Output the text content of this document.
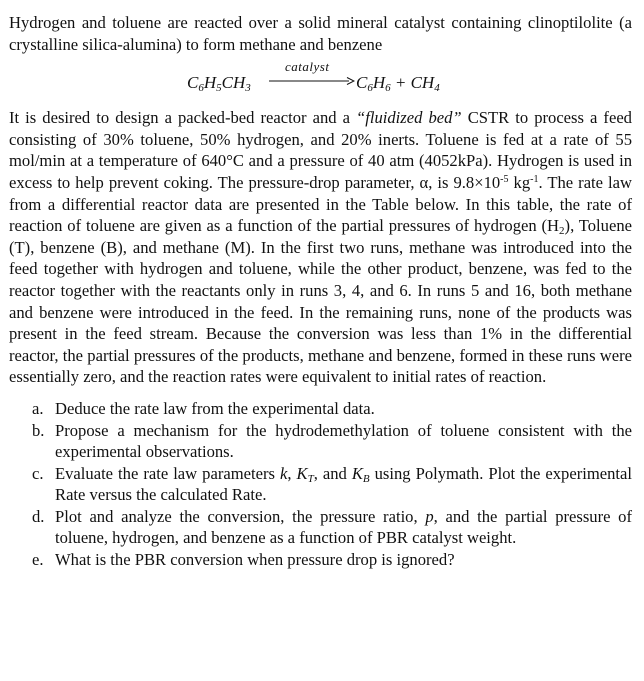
Hydrogen and toluene are reacted over a solid mineral catalyst containing clinoptilolite (a crystalline silica-alumina) to form methane and benzene

$C_6H_5CH_3$
catalyst
$C_6H_6 + CH_4$

It is desired to design a packed-bed reactor and a “fluidized bed” CSTR to process a feed consisting of 30% toluene, 50% hydrogen, and 20% inerts. Toluene is fed at a rate of 55 mol/min at a temperature of 640°C and a pressure of 40 atm (4052kPa). Hydrogen is used in excess to help prevent coking. The pressure-drop parameter, α, is $9.8\times 10^{-5}$ $kg^{-1}$. The rate law from a differential reactor data are presented in the Table below. In this table, the rate of reaction of toluene are given as a function of the partial pressures of hydrogen $(H_2)$, Toluene (T), benzene (B), and methane (M). In the first two runs, methane was introduced into the feed together with hydrogen and toluene, while the other product, benzene, was fed to the reactor together with the reactants only in runs 3, 4, and 6. In runs 5 and 16, both methane and benzene were introduced in the feed. In the remaining runs, none of the products was present in the feed stream. Because the conversion was less than 1% in the differential reactor, the partial pressures of the products, methane and benzene, formed in these runs were essentially zero, and the reaction rates were equivalent to initial rates of reaction.

a. Deduce the rate law from the experimental data.
b. Propose a mechanism for the hydrodemethylation of toluene consistent with the experimental observations.
c. Evaluate the rate law parameters k, $K_T$, and $K_B$ using Polymath. Plot the experimental Rate versus the calculated Rate.
d. Plot and analyze the conversion, the pressure ratio, p, and the partial pressure of toluene, hydrogen, and benzene as a function of PBR catalyst weight.
e. What is the PBR conversion when pressure drop is ignored?
